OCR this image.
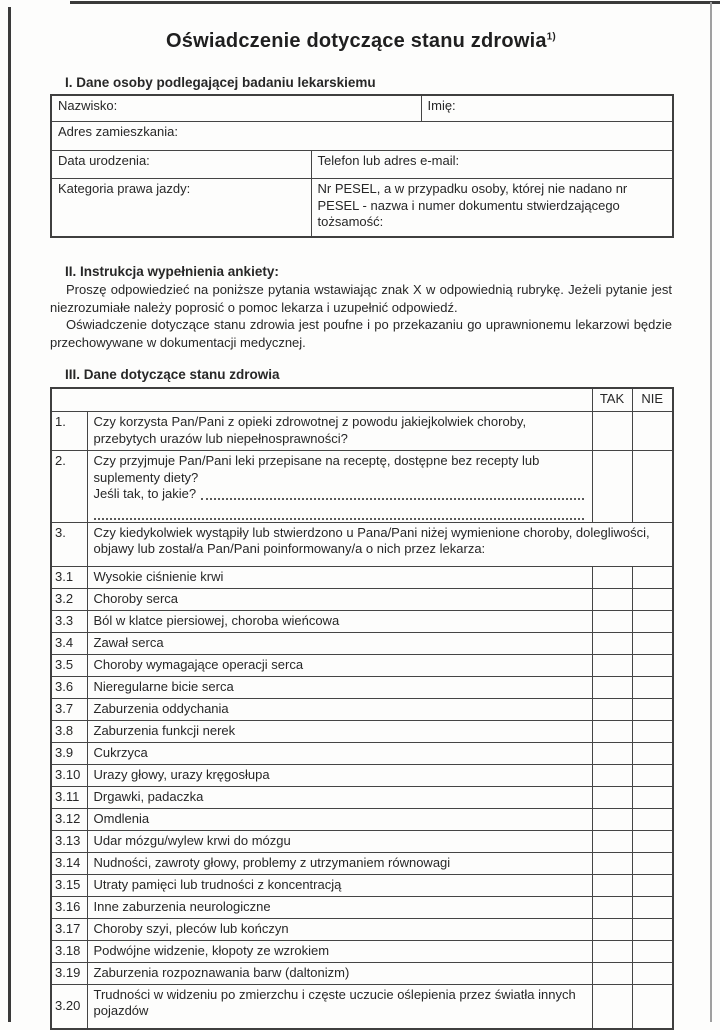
Oświadczenie dotyczące stanu zdrowia$^{1)}$
I. Dane osoby podlegającej badaniu lekarskiemu
Nazwisko:		Imię:
Adres zamieszkania:		
Data urodzenia:	Telefon lub adres e-mail:	
Kategoria prawa jazdy:	Nr PESEL, a w przypadku osoby, której nie nadano nr PESEL - nazwa i numer dokumentu stwierdzającego tożsamość:	
II. Instrukcja wypełnienia ankiety:

Proszę odpowiedzieć na poniższe pytania wstawiając znak X w odpowiednią rubrykę. Jeżeli pytanie jest niezrozumiałe należy poprosić o pomoc lekarza i uzupełnić odpowiedź.

Oświadczenie dotyczące stanu zdrowia jest poufne i po przekazaniu go uprawnionemu lekarzowi będzie przechowywane w dokumentacji medycznej.

III. Dane dotyczące stanu zdrowia
		TAK	NIE
1.	Czy korzysta Pan/Pani z opieki zdrowotnej z powodu jakiejkolwiek choroby, przebytych urazów lub niepełnosprawności?		
2.	Czy przyjmuje Pan/Pani leki przepisane na receptę, dostępne bez recepty lub suplementy diety?
Jeśli tak, to jakie?		

3.	Czy kiedykolwiek wystąpiły lub stwierdzono u Pana/Pani niżej wymienione choroby, dolegliwości, objawy lub został/a Pan/Pani poinformowany/a o nich przez lekarza:		
3.1	Wysokie ciśnienie krwi		
3.2	Choroby serca		
3.3	Ból w klatce piersiowej, choroba wieńcowa		
3.4	Zawał serca		
3.5	Choroby wymagające operacji serca		
3.6	Nieregularne bicie serca		
3.7	Zaburzenia oddychania		
3.8	Zaburzenia funkcji nerek		
3.9	Cukrzyca		
3.10	Urazy głowy, urazy kręgosłupa		
3.11	Drgawki, padaczka		
3.12	Omdlenia		
3.13	Udar mózgu/wylew krwi do mózgu		
3.14	Nudności, zawroty głowy, problemy z utrzymaniem równowagi		
3.15	Utraty pamięci lub trudności z koncentracją		
3.16	Inne zaburzenia neurologiczne		
3.17	Choroby szyi, pleców lub kończyn		
3.18	Podwójne widzenie, kłopoty ze wzrokiem		
3.19	Zaburzenia rozpoznawania barw (daltonizm)		
3.20	Trudności w widzeniu po zmierzchu i częste uczucie oślepienia przez światła innych pojazdów		
